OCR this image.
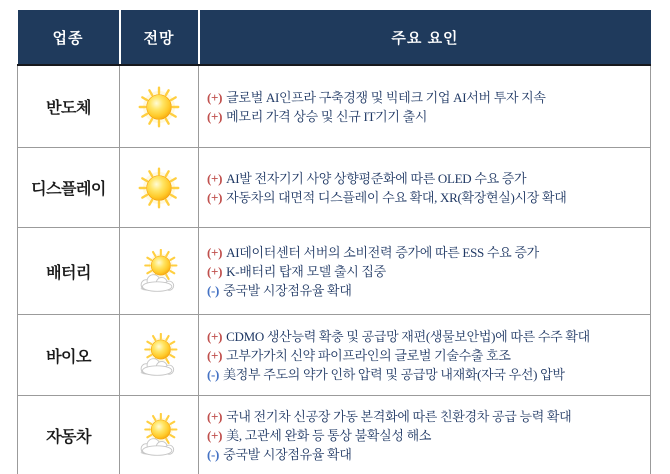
업종	전망	주요 요인
반도체		(+) 글로벌 AI인프라 구축경쟁 및 빅테크 기업 AI서버 투자 지속
(+) 메모리 가격 상승 및 신규 IT기기 출시

디스플레이		(+) AI발 전자기기 사양 상향평준화에 따른 OLED 수요 증가
(+) 자동차의 대면적 디스플레이 수요 확대, XR(확장현실)시장 확대

배터리		(+) AI데이터센터 서버의 소비전력 증가에 따른 ESS 수요 증가
(+) K-배터리 탑재 모델 출시 집중
(-) 중국발 시장점유율 확대

바이오		(+) CDMO 생산능력 확충 및 공급망 재편(생물보안법)에 따른 수주 확대
(+) 고부가가치 신약 파이프라인의 글로벌 기술수출 호조
(-) 美정부 주도의 약가 인하 압력 및 공급망 내재화(자국 우선) 압박

자동차		(+) 국내 전기차 신공장 가동 본격화에 따른 친환경차 공급 능력 확대
(+) 美, 고관세 완화 등 통상 불확실성 해소
(-) 중국발 시장점유율 확대
